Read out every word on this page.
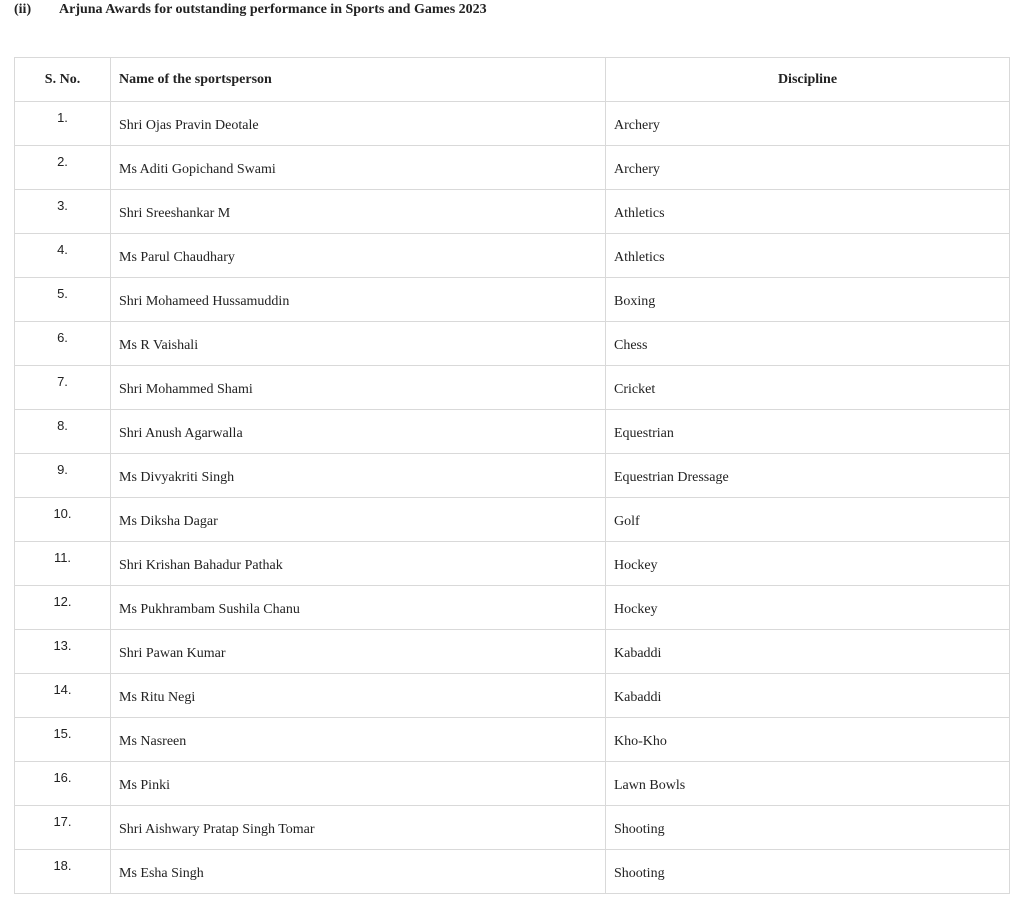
(ii) Arjuna Awards for outstanding performance in Sports and Games 2023
S. No.	Name of the sportsperson	Discipline
1.	Shri Ojas Pravin Deotale	Archery
2.	Ms Aditi Gopichand Swami	Archery
3.	Shri Sreeshankar M	Athletics
4.	Ms Parul Chaudhary	Athletics
5.	Shri Mohameed Hussamuddin	Boxing
6.	Ms R Vaishali	Chess
7.	Shri Mohammed Shami	Cricket
8.	Shri Anush Agarwalla	Equestrian
9.	Ms Divyakriti Singh	Equestrian Dressage
10.	Ms Diksha Dagar	Golf
11.	Shri Krishan Bahadur Pathak	Hockey
12.	Ms Pukhrambam Sushila Chanu	Hockey
13.	Shri Pawan Kumar	Kabaddi
14.	Ms Ritu Negi	Kabaddi
15.	Ms Nasreen	Kho-Kho
16.	Ms Pinki	Lawn Bowls
17.	Shri Aishwary Pratap Singh Tomar	Shooting
18.	Ms Esha Singh	Shooting
